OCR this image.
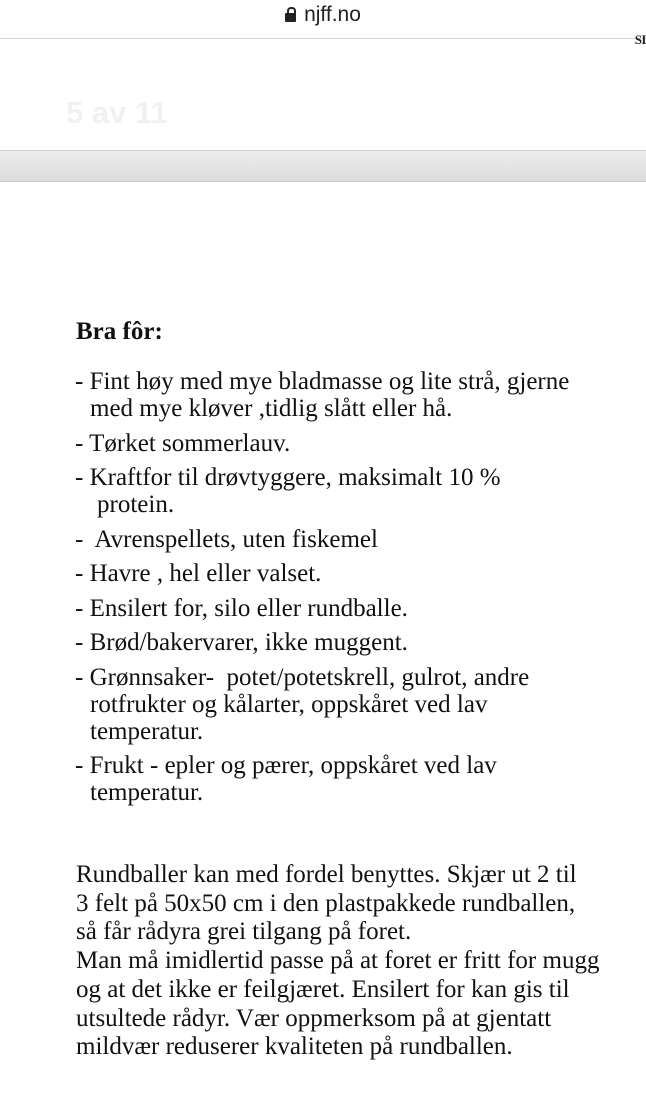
njff.no
SI
5 av 11
Bra fôr:
- Fint høy med mye bladmasse og lite strå, gjerne
med mye kløver ,tidlig slått eller hå.
- Tørket sommerlauv.
- Kraftfor til drøvtyggere, maksimalt 10 %
protein.
-  Avrenspellets, uten fiskemel
- Havre , hel eller valset.
- Ensilert for, silo eller rundballe.
- Brød/bakervarer, ikke muggent.
- Grønnsaker-  potet/potetskrell, gulrot, andre
rotfrukter og kålarter, oppskåret ved lav
temperatur.
- Frukt - epler og pærer, oppskåret ved lav
temperatur.

Rundballer kan med fordel benyttes. Skjær ut 2 til
3 felt på 50x50 cm i den plastpakkede rundballen,
så får rådyra grei tilgang på foret.
Man må imidlertid passe på at foret er fritt for mugg
og at det ikke er feilgjæret. Ensilert for kan gis til
utsultede rådyr. Vær oppmerksom på at gjentatt
mildvær reduserer kvaliteten på rundballen.
